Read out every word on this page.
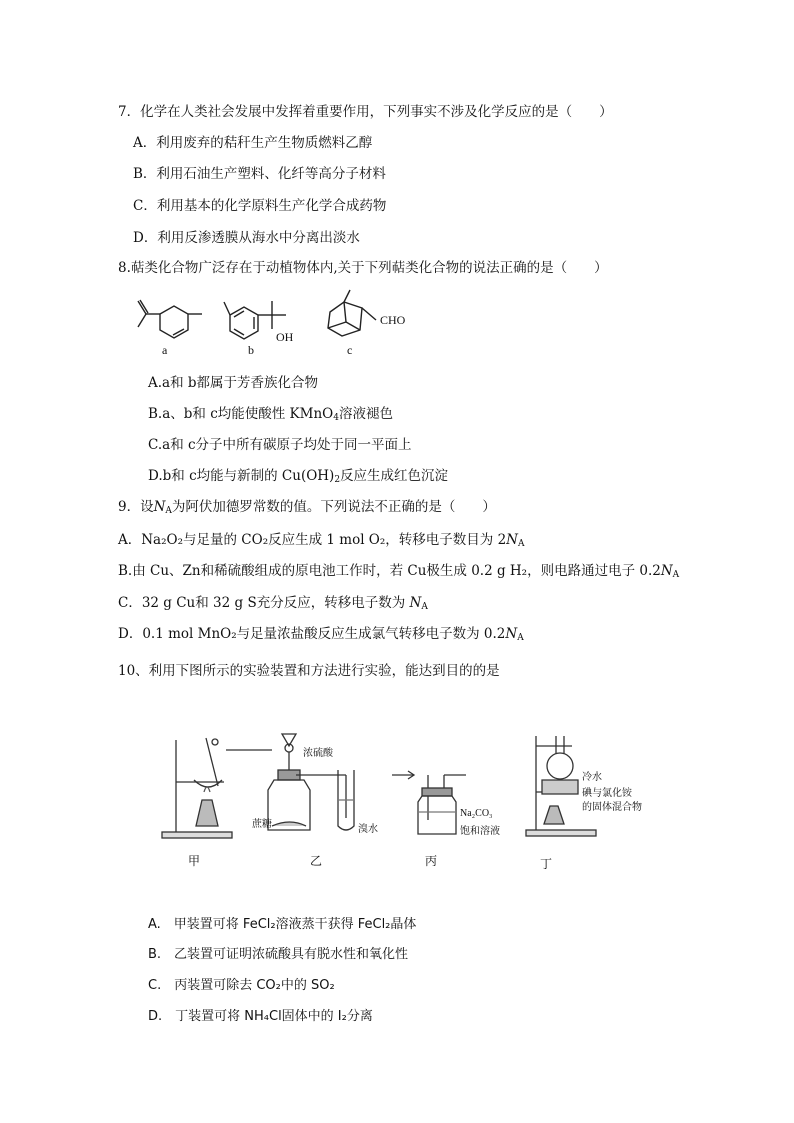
7．化学在人类社会发展中发挥着重要作用，下列事实不涉及化学反应的是（　　）
A．利用废弃的秸秆生产生物质燃料乙醇
B．利用石油生产塑料、化纤等高分子材料
C．利用基本的化学原料生产化学合成药物
D．利用反渗透膜从海水中分离出淡水
8.萜类化合物广泛存在于动植物体内,关于下列萜类化合物的说法正确的是（　　）
a
OH
b
CHO
c
A.a和 b都属于芳香族化合物
B.a、b和 c均能使酸性 KMnO$_4$溶液褪色
C.a和 c分子中所有碳原子均处于同一平面上
D.b和 c均能与新制的 $Cu(OH)_2$反应生成红色沉淀
9．设$N_A$为阿伏加德罗常数的值。下列说法不正确的是（　　）
A．Na₂O₂与足量的 CO₂反应生成 1 mol O₂，转移电子数目为 $2N_A$
B.由 Cu、Zn和稀硫酸组成的原电池工作时，若 Cu极生成 0.2 g H₂，则电路通过电子 $0.2N_A$
C．32 g Cu和 32 g S充分反应，转移电子数为 $N_A$
D．0.1 mol MnO₂与足量浓盐酸反应生成氯气转移电子数为 $0.2N_A$
10、利用下图所示的实验装置和方法进行实验，能达到目的的是
浓硫酸
蔗糖	溴水
Na₂CO₃
饱和溶液
冷水
碘与氯化铵
的固体混合物
甲	乙	丙	丁
A.　甲装置可将 FeCl₂溶液蒸干获得 FeCl₂晶体
B.　乙装置可证明浓硫酸具有脱水性和氧化性
C.　丙装置可除去 CO₂中的 SO₂
D.　丁装置可将 NH₄Cl固体中的 I₂分离
